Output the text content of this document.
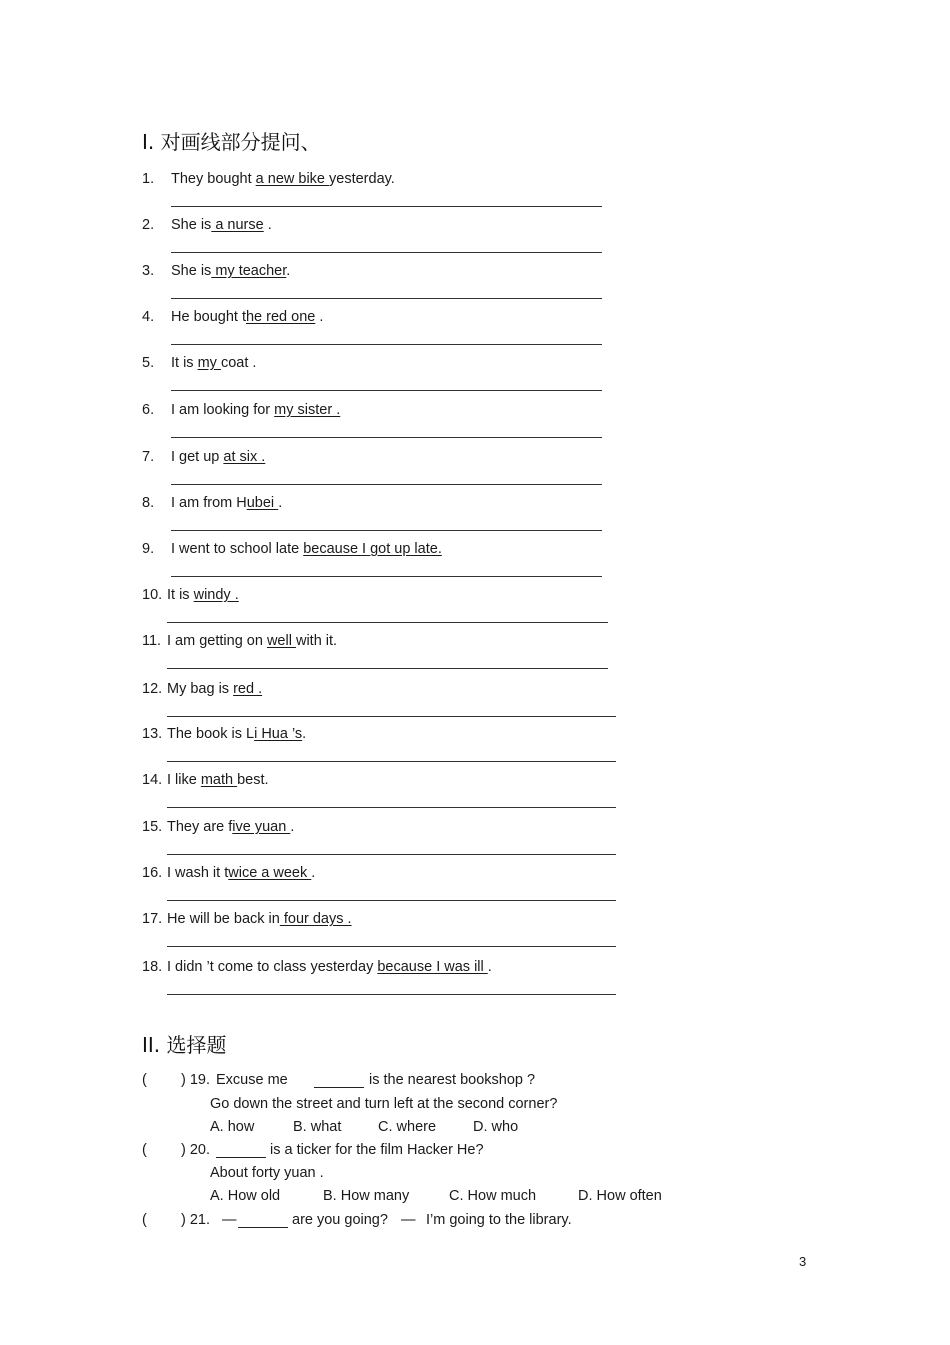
I. 对画线部分提问、
1. They bought a new bike yesterday.
2. She is a nurse .
3. She is my teacher.
4. He bought the red one .
5. It is my coat .
6. I am looking for my sister .
7. I get up at six .
8. I am from Hubei .
9. I went to school late because I got up late.
10. It is windy .
11. I am getting on well with it.
12. My bag is red .
13. The book is Li Hua ’s.
14. I like math best.
15. They are five yuan .
16. I wash it twice a week .
17. He will be back in four days .
18. I didn ’t come to class yesterday because I was ill .
II. 选择题
( ) 19. Excuse me	is the nearest bookshop ?
Go down the street and turn left at the second corner?
A. how	B. what	C. where	D. who
( ) 20.	is a ticker for the film Hacker He?
About forty yuan .
A. How old	B. How many	C. How much	D. How often
( ) 21. —	are you going? — I’m going to the library.
3
